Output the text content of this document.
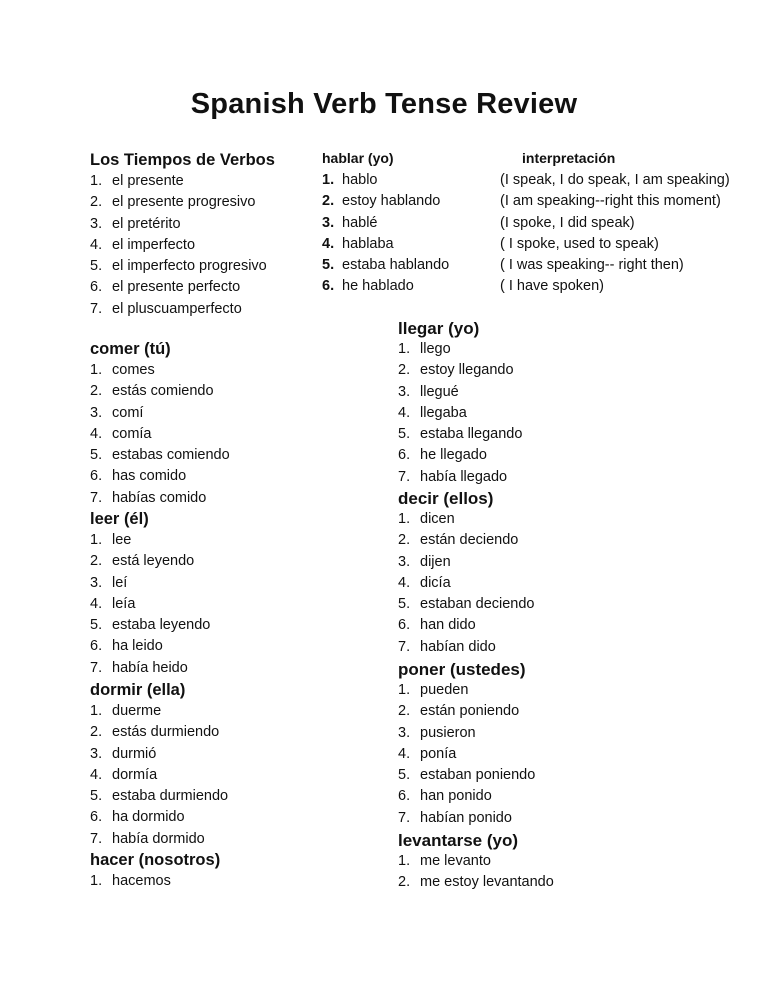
Spanish Verb Tense Review
Los Tiempos de Verbos
1. el presente
2. el presente progresivo
3. el pretérito
4. el imperfecto
5. el imperfecto progresivo
6. el presente perfecto
7. el pluscuamperfecto
comer (tú)
1. comes
2. estás comiendo
3. comí
4. comía
5. estabas comiendo
6. has comido
7. habías comido
leer (él)
1. lee
2. está leyendo
3. leí
4. leía
5. estaba leyendo
6. ha leido
7. había heido
dormir (ella)
1. duerme
2. estás durmiendo
3. durmió
4. dormía
5. estaba durmiendo
6. ha dormido
7. había dormido
hacer (nosotros)
1. hacemos
hablar (yo)	interpretación
1. hablo	(I speak, I do speak, I am speaking)
2. estoy hablando	(I am speaking--right this moment)
3. hablé	(I spoke, I did speak)
4. hablaba	( I spoke, used to speak)
5. estaba hablando	( I was speaking-- right then)
6. he hablado	( I have spoken)
llegar (yo)
1. llego
2. estoy llegando
3. llegué
4. llegaba
5. estaba llegando
6. he llegado
7. había llegado
decir (ellos)
1. dicen
2. están deciendo
3. dijen
4. dicía
5. estaban deciendo
6. han dido
7. habían dido
poner (ustedes)
1. pueden
2. están poniendo
3. pusieron
4. ponía
5. estaban poniendo
6. han ponido
7. habían ponido
levantarse (yo)
1. me levanto
2. me estoy levantando
